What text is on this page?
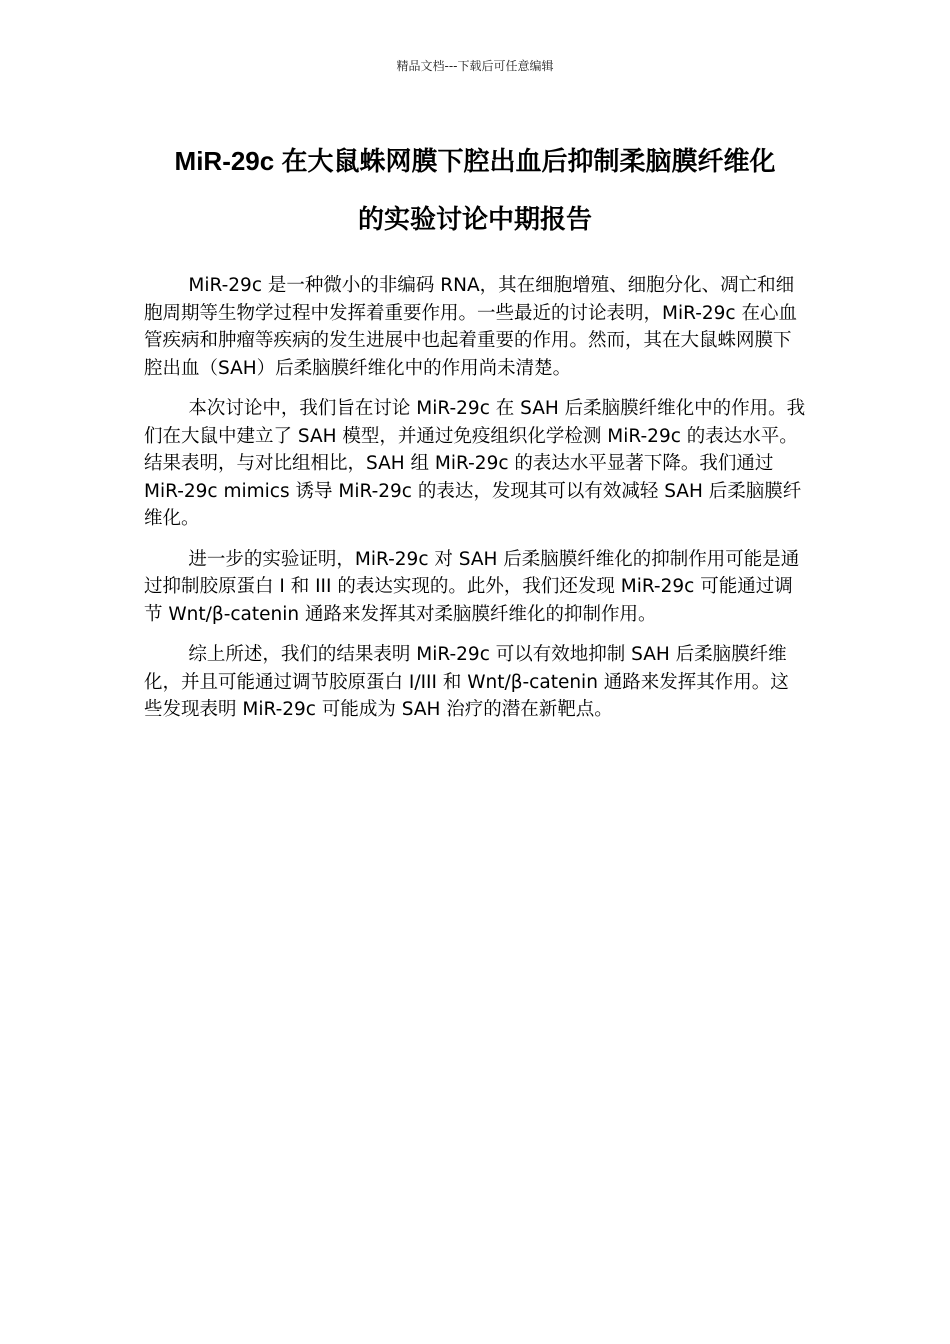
精品文档---下载后可任意编辑
MiR-29c 在大鼠蛛网膜下腔出血后抑制柔脑膜纤维化
的实验讨论中期报告

MiR-29c 是一种微小的非编码 RNA，其在细胞增殖、细胞分化、凋亡和细胞周期等生物学过程中发挥着重要作用。一些最近的讨论表明，MiR-29c 在心血管疾病和肿瘤等疾病的发生进展中也起着重要的作用。然而，其在大鼠蛛网膜下腔出血（SAH）后柔脑膜纤维化中的作用尚未清楚。

本次讨论中，我们旨在讨论 MiR-29c 在 SAH 后柔脑膜纤维化中的作用。我们在大鼠中建立了 SAH 模型，并通过免疫组织化学检测 MiR-29c 的表达水平。结果表明，与对比组相比，SAH 组 MiR-29c 的表达水平显著下降。我们通过 MiR-29c mimics 诱导 MiR-29c 的表达，发现其可以有效减轻 SAH 后柔脑膜纤维化。

进一步的实验证明，MiR-29c 对 SAH 后柔脑膜纤维化的抑制作用可能是通过抑制胶原蛋白 I 和 III 的表达实现的。此外，我们还发现 MiR-29c 可能通过调节 Wnt/β-catenin 通路来发挥其对柔脑膜纤维化的抑制作用。

综上所述，我们的结果表明 MiR-29c 可以有效地抑制 SAH 后柔脑膜纤维化，并且可能通过调节胶原蛋白 I/III 和 Wnt/β-catenin 通路来发挥其作用。这些发现表明 MiR-29c 可能成为 SAH 治疗的潜在新靶点。
